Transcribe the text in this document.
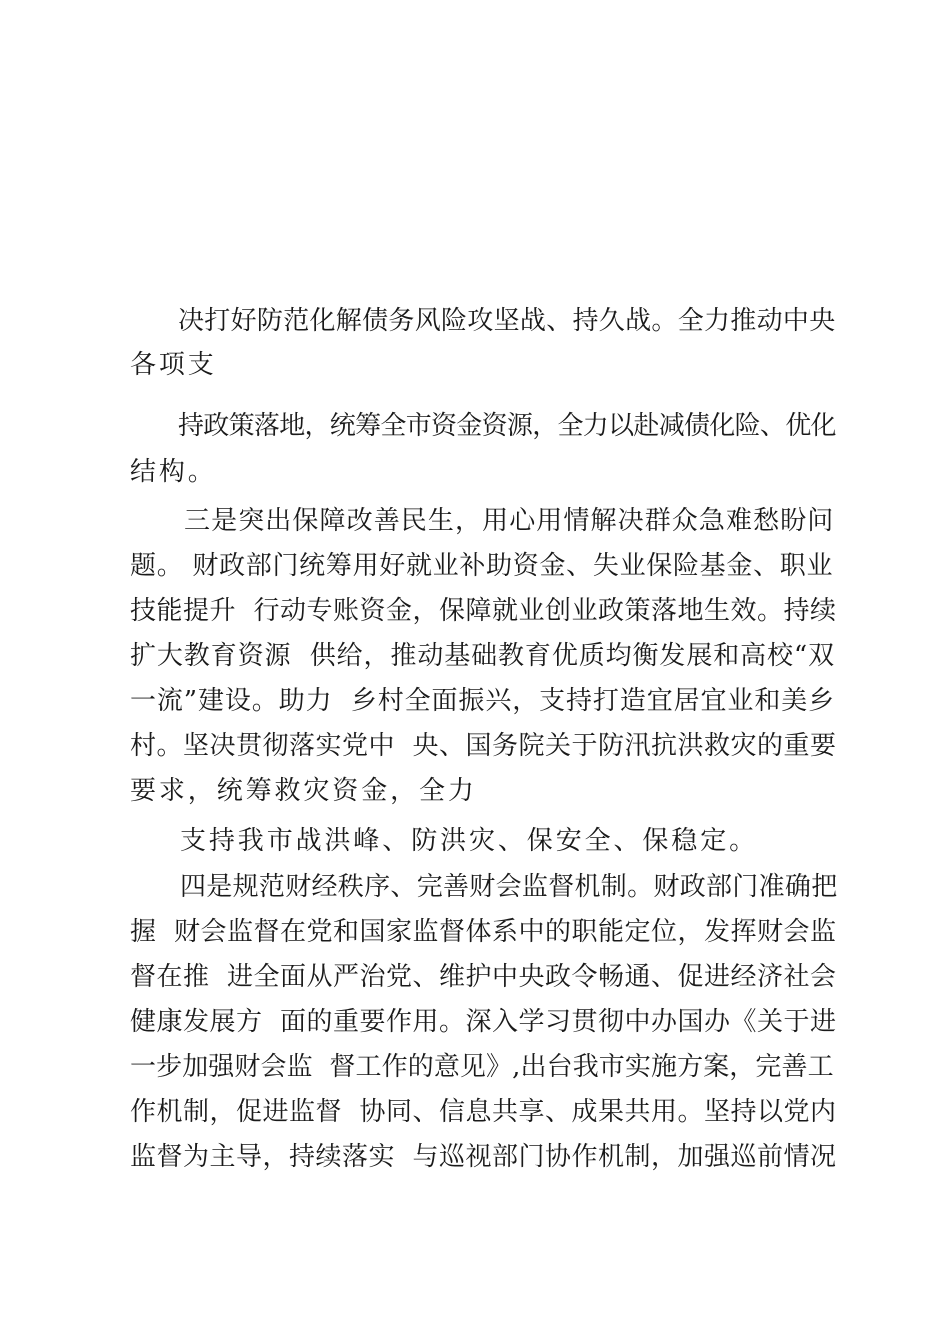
决打好防范化解债务风险攻坚战、持久战。全力推动中央
各项支
持政策落地，统筹全市资金资源，全力以赴减债化险、优化
结构。
三是突出保障改善民生，用心用情解决群众急难愁盼问
题。 财政部门统筹用好就业补助资金、失业保险基金、职业
技能提升  行动专账资金，保障就业创业政策落地生效。持续
扩大教育资源  供给，推动基础教育优质均衡发展和高校“双
一流”建设。助力  乡村全面振兴，支持打造宜居宜业和美乡
村。坚决贯彻落实党中  央、国务院关于防汛抗洪救灾的重要
要求，统筹救灾资金，全力
支持我市战洪峰、防洪灾、保安全、保稳定。
四是规范财经秩序、完善财会监督机制。财政部门准确把
握  财会监督在党和国家监督体系中的职能定位，发挥财会监
督在推  进全面从严治党、维护中央政令畅通、促进经济社会
健康发展方  面的重要作用。深入学习贯彻中办国办《关于进
一步加强财会监  督工作的意见》,出台我市实施方案，完善工
作机制，促进监督  协同、信息共享、成果共用。坚持以党内
监督为主导，持续落实  与巡视部门协作机制，加强巡前情况
